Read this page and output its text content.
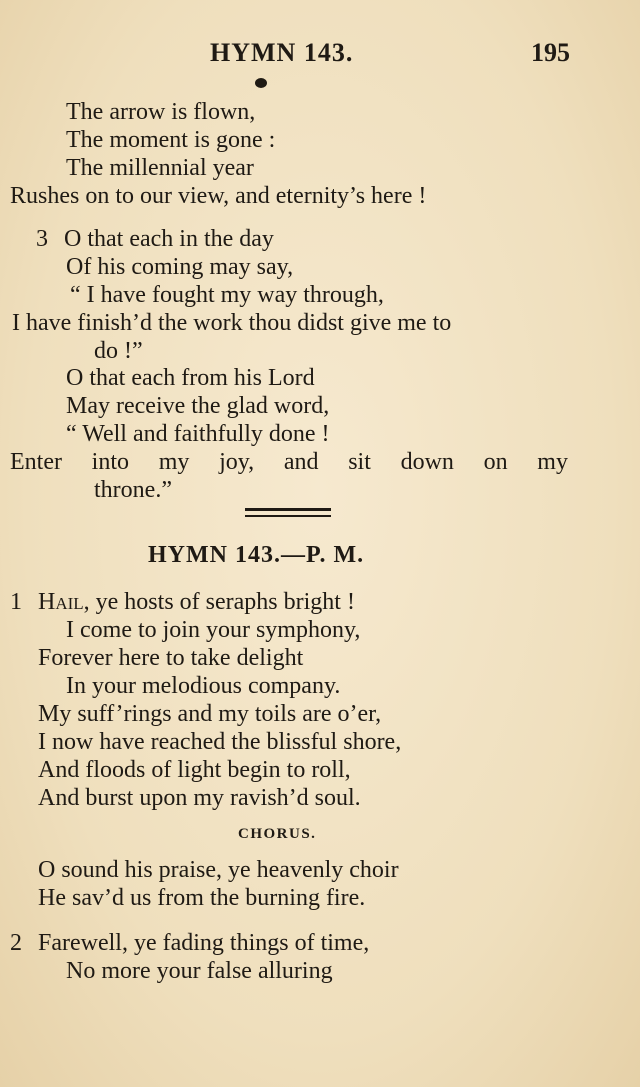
HYMN 143.	195
The arrow is flown,
The moment is gone :
The millennial year
Rushes on to our view, and eternity’s here !
3 O that each in the day
Of his coming may say,
“ I have fought my way through,
I have finish’d the work thou didst give me to
do !”
O that each from his Lord
May receive the glad word,
“ Well and faithfully done !
Enter into my joy, and sit down on my
throne.”
HYMN 143.—P. M.
1 Hail, ye hosts of seraphs bright !
I come to join your symphony,
Forever here to take delight
In your melodious company.
My suff’rings and my toils are o’er,
I now have reached the blissful shore,
And floods of light begin to roll,
And burst upon my ravish’d soul.
CHORUS.
O sound his praise, ye heavenly choir
He sav’d us from the burning fire.
2 Farewell, ye fading things of time,
No more your false alluring
